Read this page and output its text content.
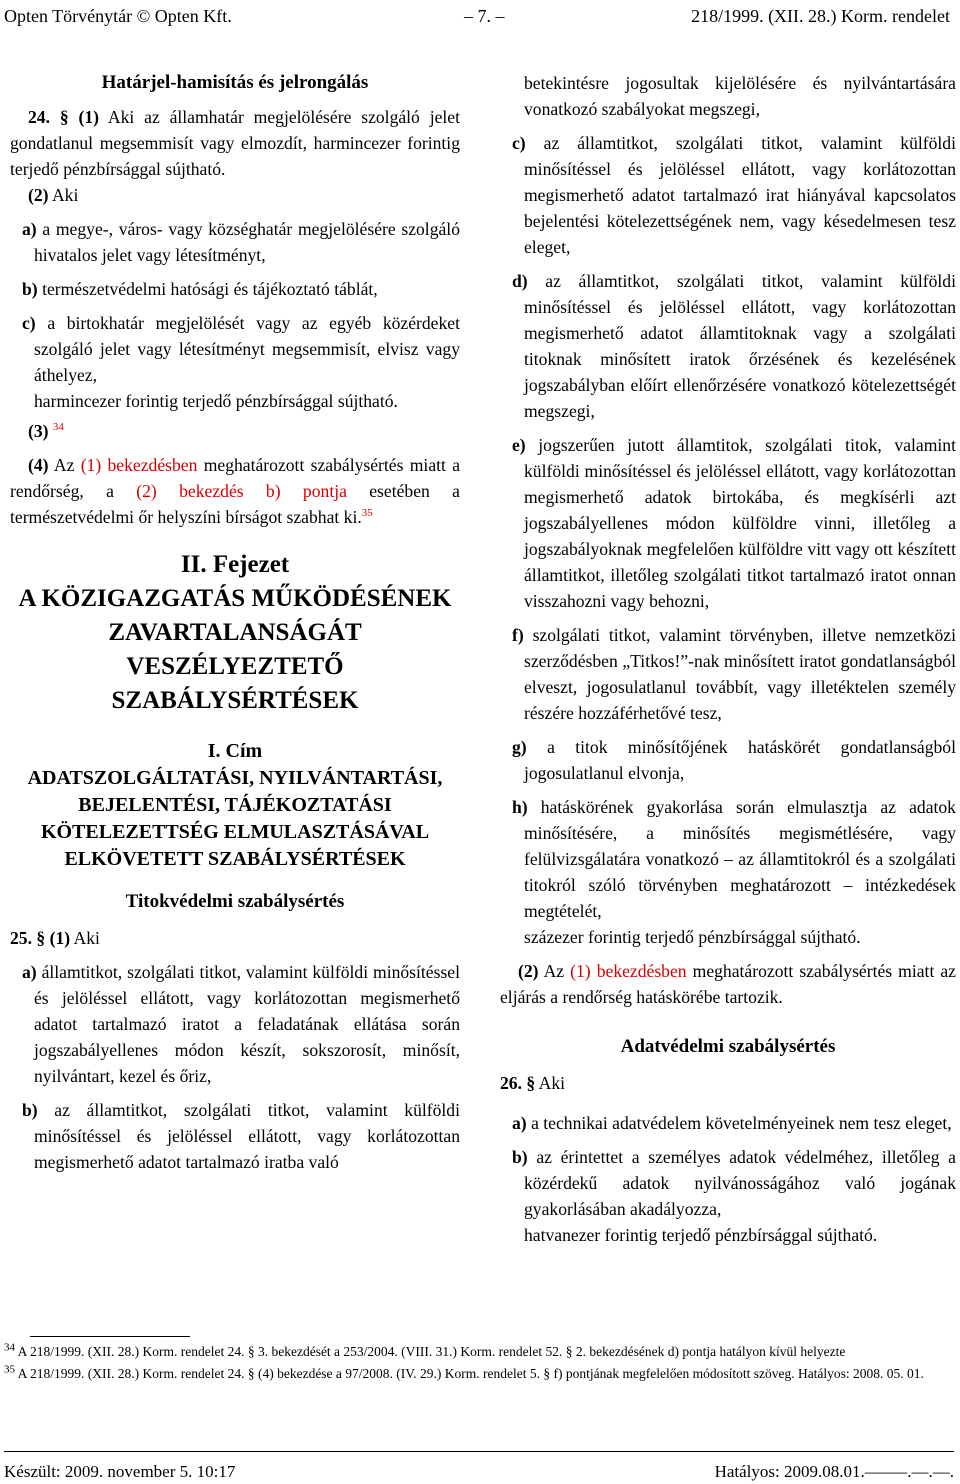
Opten Törvénytár © Opten Kft.	– 7. –	218/1999. (XII. 28.) Korm. rendelet

Határjel-hamisítás és jelrongálás

24. § (1) Aki az államhatár megjelölésére szolgáló jelet gondatlanul megsemmisít vagy elmozdít, harmincezer forintig terjedő pénzbírsággal sújtható.

(2) Aki

a) a megye-, város- vagy községhatár megjelölésére szolgáló hivatalos jelet vagy létesítményt,

b) természetvédelmi hatósági és tájékoztató táblát,

c) a birtokhatár megjelölését vagy az egyéb közérdeket szolgáló jelet vagy létesítményt megsemmisít, elvisz vagy áthelyez,

harmincezer forintig terjedő pénzbírsággal sújtható.

(3) $^{34}$

(4) Az (1) bekezdésben meghatározott szabálysértés miatt a rendőrség, a (2) bekezdés b) pontja esetében a természetvédelmi őr helyszíni bírságot szabhat ki.$^{35}$

II. Fejezet

A KÖZIGAZGATÁS MŰKÖDÉSÉNEK ZAVARTALANSÁGÁT VESZÉLYEZTETŐ SZABÁLYSÉRTÉSEK

I. Cím

ADATSZOLGÁLTATÁSI, NYILVÁNTARTÁSI, BEJELENTÉSI, TÁJÉKOZTATÁSI KÖTELEZETTSÉG ELMULASZTÁSÁVAL ELKÖVETETT SZABÁLYSÉRTÉSEK

Titokvédelmi szabálysértés

25. § (1) Aki

a) államtitkot, szolgálati titkot, valamint külföldi minősítéssel és jelöléssel ellátott, vagy korlátozottan megismerhető adatot tartalmazó iratot a feladatának ellátása során jogszabályellenes módon készít, sokszorosít, minősít, nyilvántart, kezel és őriz,

b) az államtitkot, szolgálati titkot, valamint külföldi minősítéssel és jelöléssel ellátott, vagy korlátozottan megismerhető adatot tartalmazó iratba való

betekintésre jogosultak kijelölésére és nyilvántartására vonatkozó szabályokat megszegi,

c) az államtitkot, szolgálati titkot, valamint külföldi minősítéssel és jelöléssel ellátott, vagy korlátozottan megismerhető adatot tartalmazó irat hiányával kapcsolatos bejelentési kötelezettségének nem, vagy késedelmesen tesz eleget,

d) az államtitkot, szolgálati titkot, valamint külföldi minősítéssel és jelöléssel ellátott, vagy korlátozottan megismerhető adatot államtitoknak vagy a szolgálati titoknak minősített iratok őrzésének és kezelésének jogszabályban előírt ellenőrzésére vonatkozó kötelezettségét megszegi,

e) jogszerűen jutott államtitok, szolgálati titok, valamint külföldi minősítéssel és jelöléssel ellátott, vagy korlátozottan megismerhető adatok birtokába, és megkísérli azt jogszabályellenes módon külföldre vinni, illetőleg a jogszabályoknak megfelelően külföldre vitt vagy ott készített államtitkot, illetőleg szolgálati titkot tartalmazó iratot onnan visszahozni vagy behozni,

f) szolgálati titkot, valamint törvényben, illetve nemzetközi szerződésben „Titkos!”-nak minősített iratot gondatlanságból elveszt, jogosulatlanul továbbít, vagy illetéktelen személy részére hozzáférhetővé tesz,

g) a titok minősítőjének hatáskörét gondatlanságból jogosulatlanul elvonja,

h) hatáskörének gyakorlása során elmulasztja az adatok minősítésére, a minősítés megismétlésére, vagy felülvizsgálatára vonatkozó – az államtitokról és a szolgálati titokról szóló törvényben meghatározott – intézkedések megtételét,

százezer forintig terjedő pénzbírsággal sújtható.

(2) Az (1) bekezdésben meghatározott szabálysértés miatt az eljárás a rendőrség hatáskörébe tartozik.

Adatvédelmi szabálysértés

26. § Aki

a) a technikai adatvédelem követelményeinek nem tesz eleget,

b) az érintettet a személyes adatok védelméhez, illetőleg a közérdekű adatok nyilvánosságához való jogának gyakorlásában akadályozza,

hatvanezer forintig terjedő pénzbírsággal sújtható.

$^{34}$ A 218/1999. (XII. 28.) Korm. rendelet 24. § 3. bekezdését a 253/2004. (VIII. 31.) Korm. rendelet 52. § 2. bekezdésének d) pontja hatályon kívül helyezte

$^{35}$ A 218/1999. (XII. 28.) Korm. rendelet 24. § (4) bekezdése a 97/2008. (IV. 29.) Korm. rendelet 5. § f) pontjának megfelelően módosított szöveg. Hatályos: 2008. 05. 01.

Készült: 2009. november 5. 10:17	Hatályos: 2009.08.01.–––––.––.––.
